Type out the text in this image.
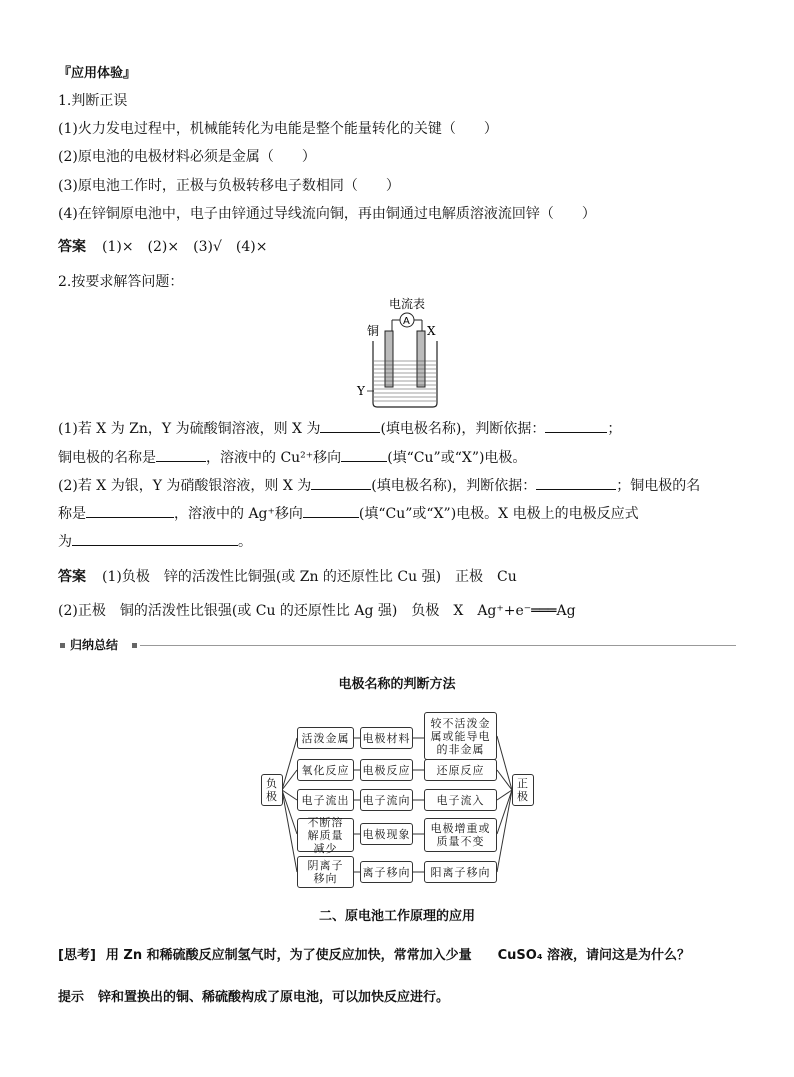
『应用体验』
1.判断正误
(1)火力发电过程中，机械能转化为电能是整个能量转化的关键（　　）
(2)原电池的电极材料必须是金属（　　）
(3)原电池工作时，正极与负极转移电子数相同（　　）
(4)在锌铜原电池中，电子由锌通过导线流向铜，再由铜通过电解质溶液流回锌（　　）
答案 (1)×　(2)×　(3)√　(4)×
2.按要求解答问题：
电流表
A
铜	X
Y
(1)若 X 为 Zn，Y 为硫酸铜溶液，则 X 为	(填电极名称)，判断依据：	；
铜电极的名称是	，溶液中的 Cu²⁺移向	(填“Cu”或“X”)电极。
(2)若 X 为银，Y 为硝酸银溶液，则 X 为	(填电极名称)，判断依据：	；铜电极的名
称是	，溶液中的 Ag⁺移向	(填“Cu”或“X”)电极。X 电极上的电极反应式
为	。
答案 (1)负极　锌的活泼性比铜强(或 Zn 的还原性比 Cu 强)　正极　Cu
(2)正极　铜的活泼性比银强(或 Cu 的还原性比 Ag 强)　负极　X　Ag⁺+e⁻═══Ag
归纳总结
电极名称的判断方法
负极
正极
活泼金属	电极材料
较不活泼金属或能导电的非金属
氧化反应	电极反应	还原反应
电子流出	电子流向	电子流入
不断溶解质量减少
电极现象	电极增重或质量不变
阴离子移向	离子移向	阳离子移向
二、原电池工作原理的应用
[思考] 用 Zn 和稀硫酸反应制氢气时，为了使反应加快，常常加入少量　　CuSO₄ 溶液，请问这是为什么？
提示 锌和置换出的铜、稀硫酸构成了原电池，可以加快反应进行。
